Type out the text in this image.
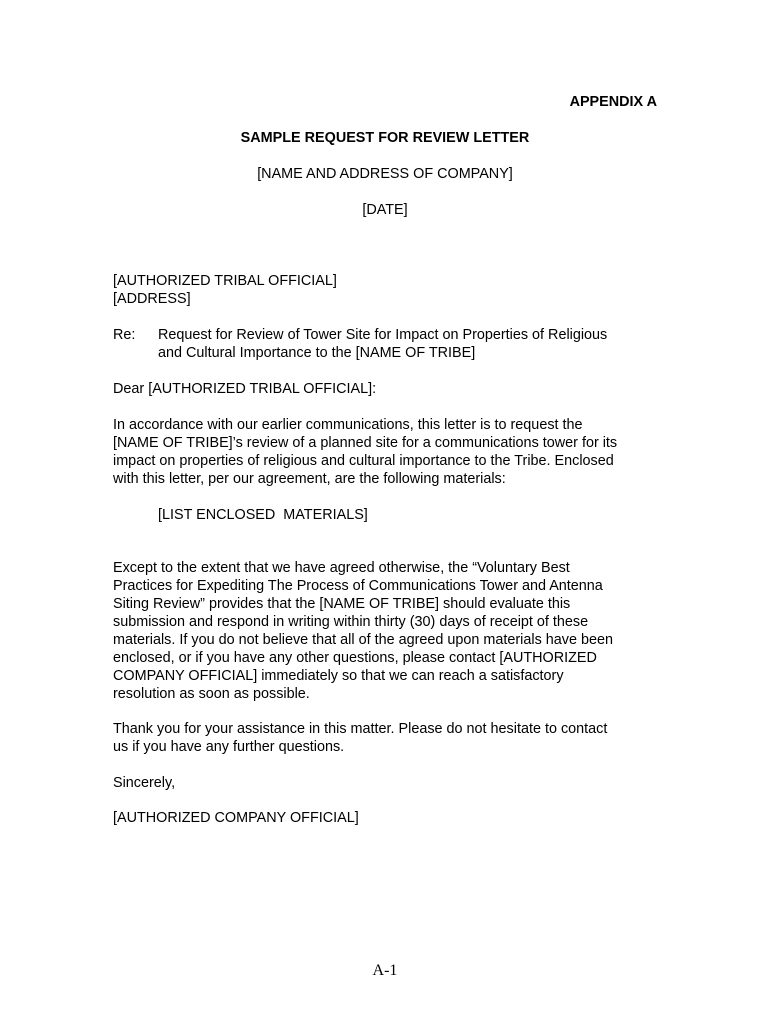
APPENDIX A
SAMPLE REQUEST FOR REVIEW LETTER
[NAME AND ADDRESS OF COMPANY]
[DATE]
[AUTHORIZED TRIBAL OFFICIAL]
[ADDRESS]
Re: Request for Review of Tower Site for Impact on Properties of Religious
and Cultural Importance to the [NAME OF TRIBE]
Dear [AUTHORIZED TRIBAL OFFICIAL]:
In accordance with our earlier communications, this letter is to request the
[NAME OF TRIBE]’s review of a planned site for a communications tower for its
impact on properties of religious and cultural importance to the Tribe. Enclosed
with this letter, per our agreement, are the following materials:
[LIST ENCLOSED  MATERIALS]
Except to the extent that we have agreed otherwise, the “Voluntary Best
Practices for Expediting The Process of Communications Tower and Antenna
Siting Review” provides that the [NAME OF TRIBE] should evaluate this
submission and respond in writing within thirty (30) days of receipt of these
materials. If you do not believe that all of the agreed upon materials have been
enclosed, or if you have any other questions, please contact [AUTHORIZED
COMPANY OFFICIAL] immediately so that we can reach a satisfactory
resolution as soon as possible.
Thank you for your assistance in this matter. Please do not hesitate to contact
us if you have any further questions.
Sincerely,
[AUTHORIZED COMPANY OFFICIAL]
A-1
